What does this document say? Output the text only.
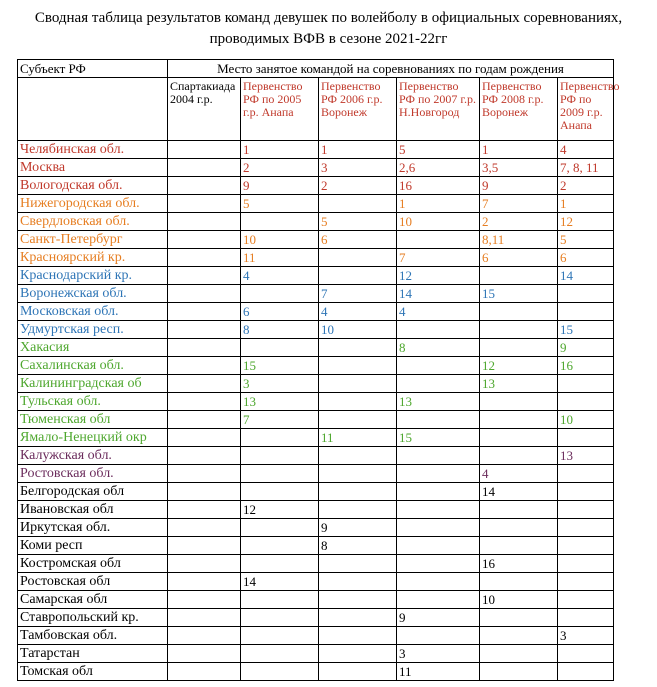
Сводная таблица результатов команд девушек по волейболу в официальных соревнованиях,
проводимых ВФВ в сезоне 2021-22гг
Субъект РФ	Место занятое командой на соревнованиях по годам рождения					
	Спартакиада 2004 г.р.	Первенство РФ по 2005 г.р. Анапа	Первенство РФ 2006 г.р. Воронеж	Первенство РФ по 2007 г.р. Н.Новгород	Первенство РФ 2008 г.р. Воронеж	Первенство РФ по 2009 г.р. Анапа
Челябинская обл.		1	1	5	1	4
Москва		2	3	2,6	3,5	7, 8, 11
Вологодская обл.		9	2	16	9	2
Нижегородская обл.		5		1	7	1
Свердловская обл.			5	10	2	12
Санкт-Петербург		10	6		8,11	5
Красноярский кр.		11		7	6	6
Краснодарский кр.		4		12		14
Воронежская обл.			7	14	15	
Московская обл.		6	4	4		
Удмуртская респ.		8	10			15
Хакасия				8		9
Сахалинская обл.		15			12	16
Калининградская об		3			13	
Тульская обл.		13		13		
Тюменская обл		7				10
Ямало-Ненецкий окр			11	15		
Калужская обл.						13
Ростовская обл.					4	
Белгородская обл					14	
Ивановская обл		12				
Иркутская обл.			9			
Коми респ			8			
Костромская обл					16	
Ростовская обл		14				
Самарская обл					10	
Ставропольский кр.				9		
Тамбовская обл.						3
Татарстан				3		
Томская обл				11		
